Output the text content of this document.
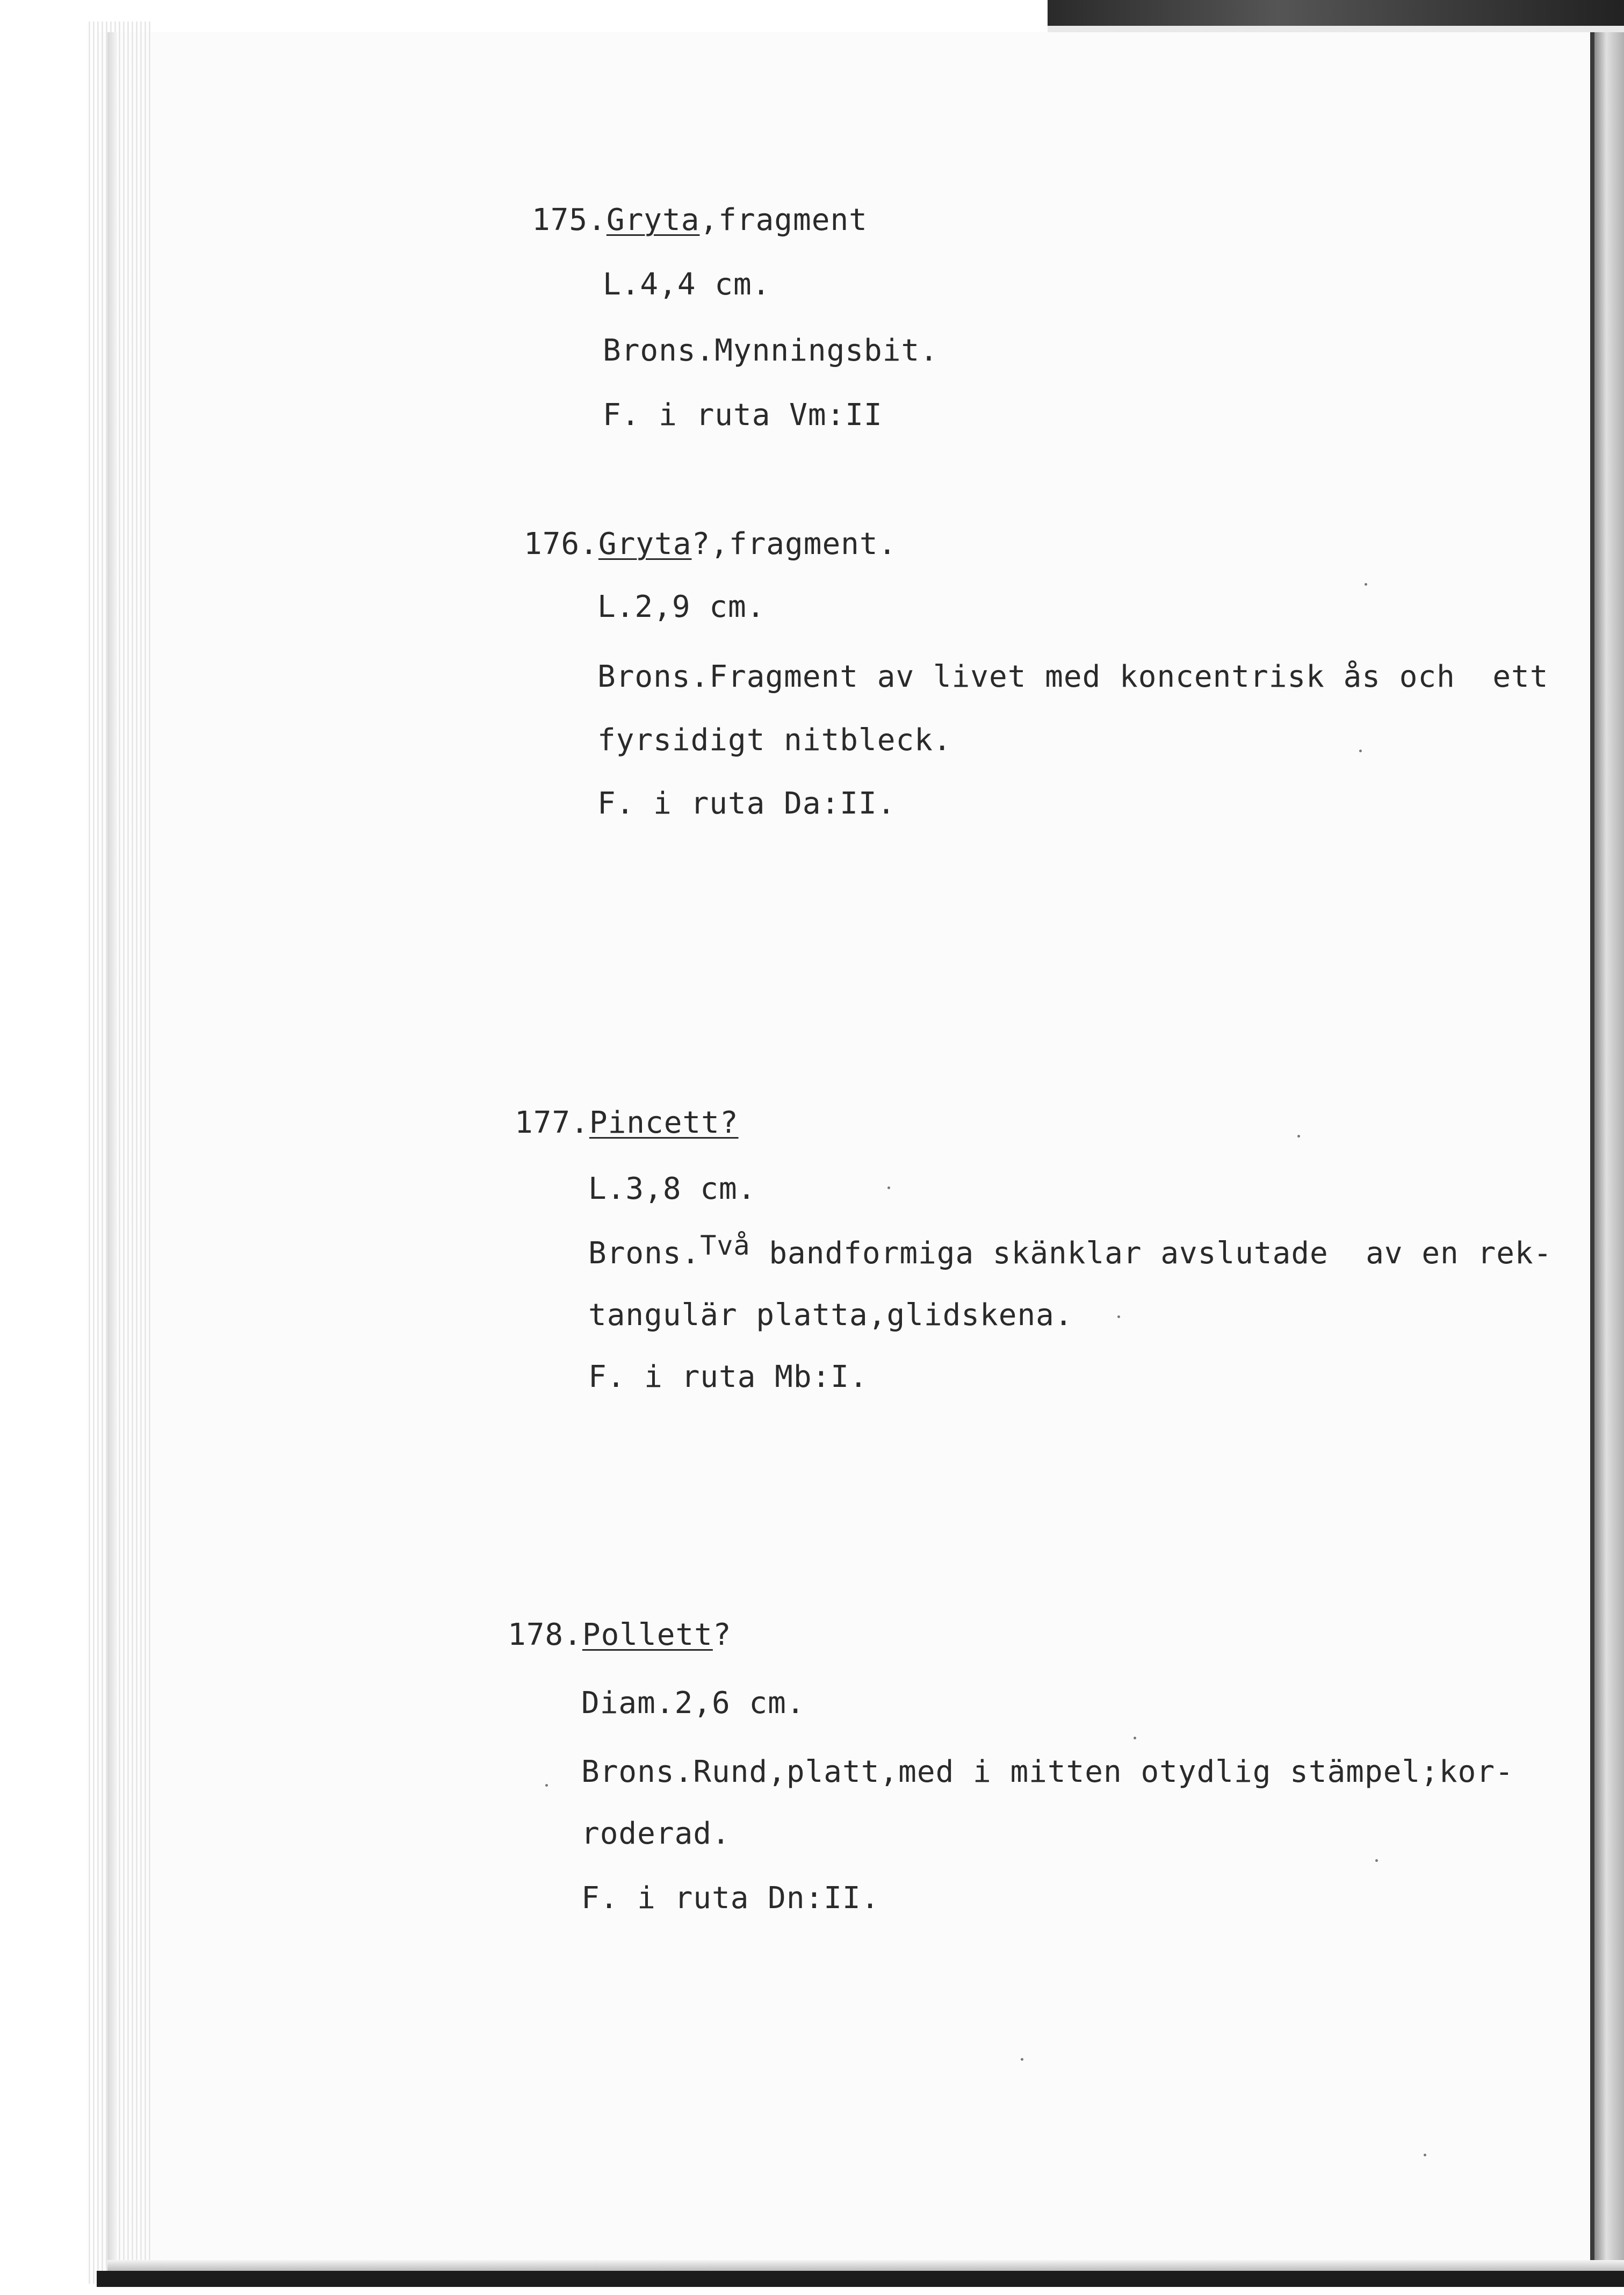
175.Gryta,fragment

L.4,4 cm.

Brons.Mynningsbit.

F. i ruta Vm:II

176.Gryta?,fragment.

L.2,9 cm.

Brons.Fragment av livet med koncentrisk ås och  ett

fyrsidigt nitbleck.

F. i ruta Da:II.

177.Pincett?

L.3,8 cm.

Brons.Två bandformiga skänklar avslutade  av en rek-

tangulär platta,glidskena.

F. i ruta Mb:I.

178.Pollett?

Diam.2,6 cm.

Brons.Rund,platt,med i mitten otydlig stämpel;kor-

roderad.

F. i ruta Dn:II.
